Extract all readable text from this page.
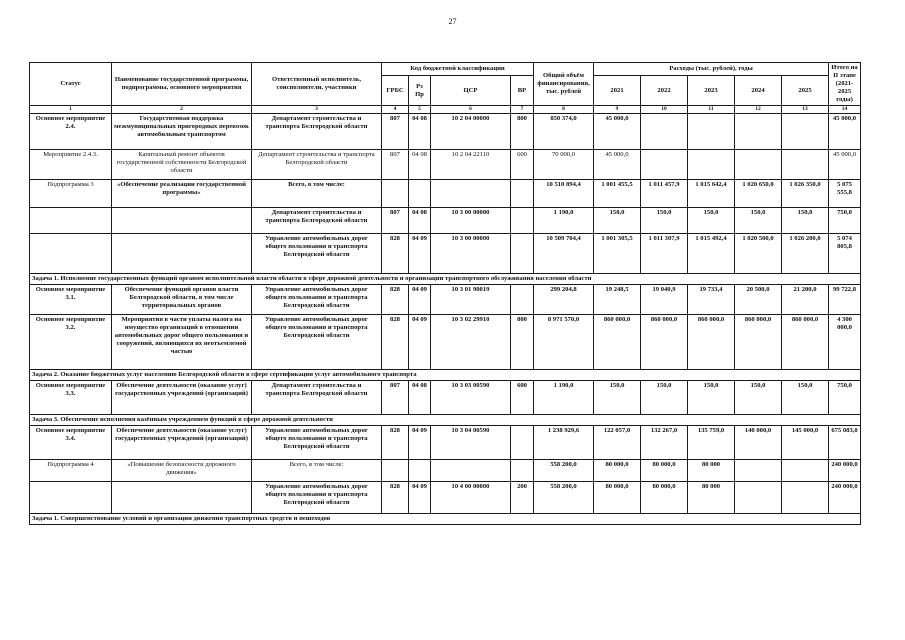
27
Статус	Наименование государственной программы, подпрограммы, основного мероприятия	Ответственный исполнитель, соисполнители, участники	Код бюджетной классификации				Общий объём финансирования, тыс. рублей	Расходы (тыс. рублей), годы					Итого на II этапе (2021-2025 годы)
			ГРБС	Рз Пр	ЦСР	ВР		2021	2022	2023	2024	2025	
1	2	3	4	5	6	7	8	9	10	11	12	13	14
Основное мероприятие 2.4.	Государственная поддержка межмуниципальных пригородных перевозок автомобильным транспортом	Департамент строительства и транспорта Белгородской области	807	04 08	10 2 04 00000	800	850 374,0	45 000,0					45 000,0
Мероприятие 2.4.3.	Капитальный ремонт объектов государственной собственности Белгородской области	Департамент строительства и транспорта Белгородской области	807	04 08	10 2 04 22110	600	70 000,0	45 000,0					45 000,0
Подпрограмма 3	«Обеспечение реализации государственной программы»	Всего, в том числе:					10 510 894,4	1 001 455,5	1 011 457,9	1 015 642,4	1 020 650,0	1 026 350,0	5 075 555,8
		Департамент строительства и транспорта Белгородской области	807	04 08	10 3 00 00000		1 190,0	150,0	150,0	150,0	150,0	150,0	750,0
		Управление автомобильных дорог общего пользования и транспорта Белгородской области	828	04 09	10 3 00 00000		10 509 704,4	1 001 305,5	1 011 307,9	1 015 492,4	1 020 500,0	1 026 200,0	5 074 805,8
Задача 1. Исполнение государственных функций органом исполнительной власти области в сфере дорожной деятельности и организации транспортного обслуживания населения области													
Основное мероприятие 3.1.	Обеспечение функций органов власти Белгородской области, в том числе территориальных органов	Управление автомобильных дорог общего пользования и транспорта Белгородской области	828	04 09	10 3 01 90019		299 204,8	19 248,5	19 040,9	19 733,4	20 500,0	21 200,0	99 722,8
Основное мероприятие 3.2.	Мероприятия в части уплаты налога на имущество организаций в отношении автомобильных дорог общего пользования и сооружений, являющихся их неотъемлемой частью	Управление автомобильных дорог общего пользования и транспорта Белгородской области	828	04 09	10 3 02 29910	800	8 971 570,0	860 000,0	860 000,0	860 000,0	860 000,0	860 000,0	4 300 000,0
Задача 2. Оказание бюджетных услуг населению Белгородской области в сфере сертификации услуг автомобильного транспорта													
Основное мероприятие 3.3.	Обеспечение деятельности (оказание услуг) государственных учреждений (организаций)	Департамент строительства и транспорта Белгородской области	807	04 08	10 3 03 00590	600	1 190,0	150,0	150,0	150,0	150,0	150,0	750,0
Задача 3. Обеспечение исполнения казённым учреждением функций в сфере дорожной деятельности													
Основное мероприятие 3.4.	Обеспечение деятельности (оказание услуг) государственных учреждений (организаций)	Управление автомобильных дорог общего пользования и транспорта Белгородской области	828	04 09	10 3 04 00590		1 238 929,6	122 057,0	132 267,0	135 759,0	140 000,0	145 000,0	675 083,0
Подпрограмма 4	«Повышение безопасности дорожного движения»	Всего, в том числе:					558 200,0	80 000,0	80 000,0	80 000			240 000,0
		Управление автомобильных дорог общего пользования и транспорта Белгородской области	828	04 09	10 4 00 00000	200	558 200,0	80 000,0	80 000,0	80 000			240 000,0
Задача 1. Совершенствование условий и организации движения транспортных средств и пешеходов													
